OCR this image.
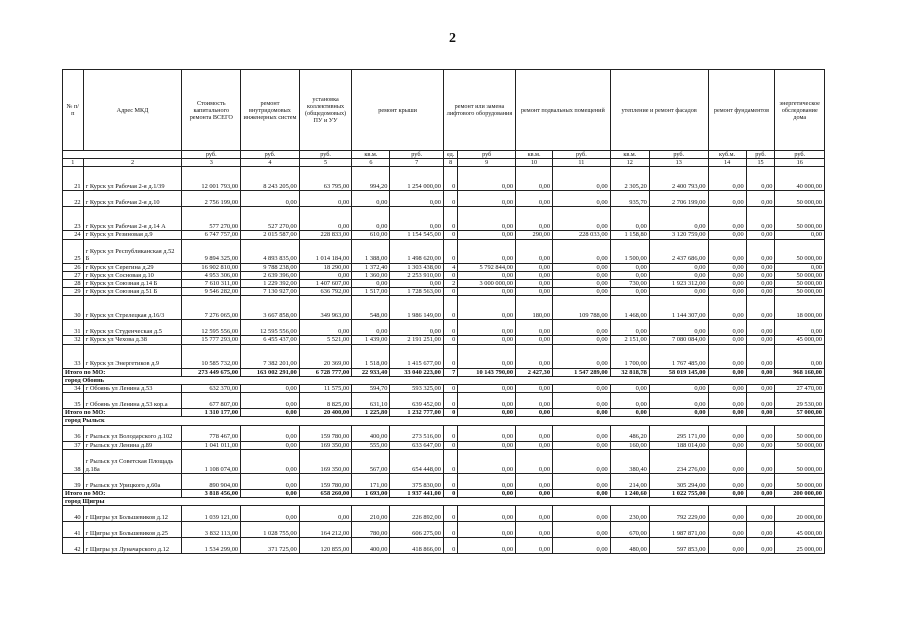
2
№ п/п	Адрес МКД	Стоимость капитального ремонта ВСЕГО	ремонт внутридомовых инженерных систем	установка коллективных (общедомовых) ПУ и УУ	ремонт крыши		ремонт или замена лифтового оборудования		ремонт подвальных помещений		утепление и ремонт фасадов		ремонт фундаментов		энергетическое обследование дома
		руб.	руб.	руб.	кв.м.	руб.	ед.	руб	кв.м.	руб.	кв.м.	руб.	куб.м.	руб.	руб.
1	2	3	4	5	6	7	8	9	10	11	12	13	14	15	16
21	г Курск ул Рабочая 2-я д.1/39	12 001 793,00	8 243 205,00	63 795,00	994,20	1 254 000,00	0	0,00	0,00	0,00	2 305,20	2 400 793,00	0,00	0,00	40 000,00
22	г Курск ул Рабочая 2-я д.10	2 756 199,00	0,00	0,00	0,00	0,00	0	0,00	0,00	0,00	935,70	2 706 199,00	0,00	0,00	50 000,00
23	г Курск ул Рабочая 2-я д.14 А	577 270,00	527 270,00	0,00	0,00	0,00	0	0,00	0,00	0,00	0,00	0,00	0,00	0,00	50 000,00
24	г Курск ул Резиновая д.9	6 747 757,00	2 015 587,00	228 833,00	610,00	1 154 545,00	0	0,00	290,00	228 033,00	1 158,80	3 120 759,00	0,00	0,00	0,00
25	г Курск ул Республиканская д.52 Б	9 894 325,00	4 893 835,00	1 014 184,00	1 388,00	1 498 620,00	0	0,00	0,00	0,00	1 500,00	2 437 686,00	0,00	0,00	50 000,00
26	г Курск ул Серегина д.29	16 902 810,00	9 788 238,00	18 290,00	1 372,40	1 303 438,00	4	5 792 844,00	0,00	0,00	0,00	0,00	0,00	0,00	0,00
27	г Курск ул Сосновая д.10	4 953 306,00	2 639 396,00	0,00	1 360,00	2 253 910,00	0	0,00	0,00	0,00	0,00	0,00	0,00	0,00	50 000,00
28	г Курск ул Союзная д.14 Б	7 610 311,00	1 229 392,00	1 407 607,00	0,00	0,00	2	3 000 000,00	0,00	0,00	730,00	1 923 312,00	0,00	0,00	50 000,00
29	г Курск ул Союзная д.51 Б	9 546 282,00	7 130 927,00	636 792,00	1 517,00	1 728 563,00	0	0,00	0,00	0,00	0,00	0,00	0,00	0,00	50 000,00
30	г Курск ул Стрелецкая д.16/3	7 276 065,00	3 667 858,00	349 963,00	548,00	1 986 149,00	0	0,00	180,00	109 788,00	1 468,00	1 144 307,00	0,00	0,00	18 000,00
31	г Курск ул Студенческая д.5	12 595 556,00	12 595 556,00	0,00	0,00	0,00	0	0,00	0,00	0,00	0,00	0,00	0,00	0,00	0,00
32	г Курск ул Чехова д.38	15 777 293,00	6 455 437,00	5 521,00	1 439,00	2 191 251,00	0	0,00	0,00	0,00	2 151,00	7 080 084,00	0,00	0,00	45 000,00
33	г Курск ул Энергетиков д.9	10 585 732,00	7 382 201,00	20 369,00	1 518,00	1 415 677,00	0	0,00	0,00	0,00	1 700,00	1 767 485,00	0,00	0,00	0,00
Итого по МО:		273 449 675,00	163 002 291,00	6 728 777,00	22 933,40	33 040 223,00	7	10 143 790,00	2 427,30	1 547 289,00	32 818,78	58 019 145,00	0,00	0,00	968 160,00
город Обоянь															
34	г Обоянь ул Ленина д.53	632 370,00	0,00	11 575,00	594,70	593 325,00	0	0,00	0,00	0,00	0,00	0,00	0,00	0,00	27 470,00
35	г Обоянь ул Ленина д.53 кор.а	677 807,00	0,00	8 825,00	631,10	639 452,00	0	0,00	0,00	0,00	0,00	0,00	0,00	0,00	29 530,00
Итого по МО:		1 310 177,00	0,00	20 400,00	1 225,80	1 232 777,00	0	0,00	0,00	0,00	0,00	0,00	0,00	0,00	57 000,00
город Рыльск															
36	г Рыльск ул Володарского д.102	778 467,00	0,00	159 780,00	400,00	273 516,00	0	0,00	0,00	0,00	486,20	295 171,00	0,00	0,00	50 000,00
37	г Рыльск ул Ленина д.89	1 041 011,00	0,00	169 350,00	555,00	633 647,00	0	0,00	0,00	0,00	160,00	188 014,00	0,00	0,00	50 000,00
38	г Рыльск ул Советская Площадь д.18а	1 108 074,00	0,00	169 350,00	567,00	654 448,00	0	0,00	0,00	0,00	380,40	234 276,00	0,00	0,00	50 000,00
39	г Рыльск ул Урицкого д.60а	890 904,00	0,00	159 780,00	171,00	375 830,00	0	0,00	0,00	0,00	214,00	305 294,00	0,00	0,00	50 000,00
Итого по МО:		3 818 456,00	0,00	658 260,00	1 693,00	1 937 441,00	0	0,00	0,00	0,00	1 240,60	1 022 755,00	0,00	0,00	200 000,00
город Щигры															
40	г Щигры ул Большевиков д.12	1 039 121,00	0,00	0,00	210,00	226 892,00	0	0,00	0,00	0,00	230,00	792 229,00	0,00	0,00	20 000,00
41	г Щигры ул Большевиков д.25	3 832 113,00	1 028 755,00	164 212,00	780,00	606 275,00	0	0,00	0,00	0,00	670,00	1 987 871,00	0,00	0,00	45 000,00
42	г Щигры ул Луначарского д.12	1 534 299,00	371 725,00	120 855,00	400,00	418 866,00	0	0,00	0,00	0,00	480,00	597 853,00	0,00	0,00	25 000,00
